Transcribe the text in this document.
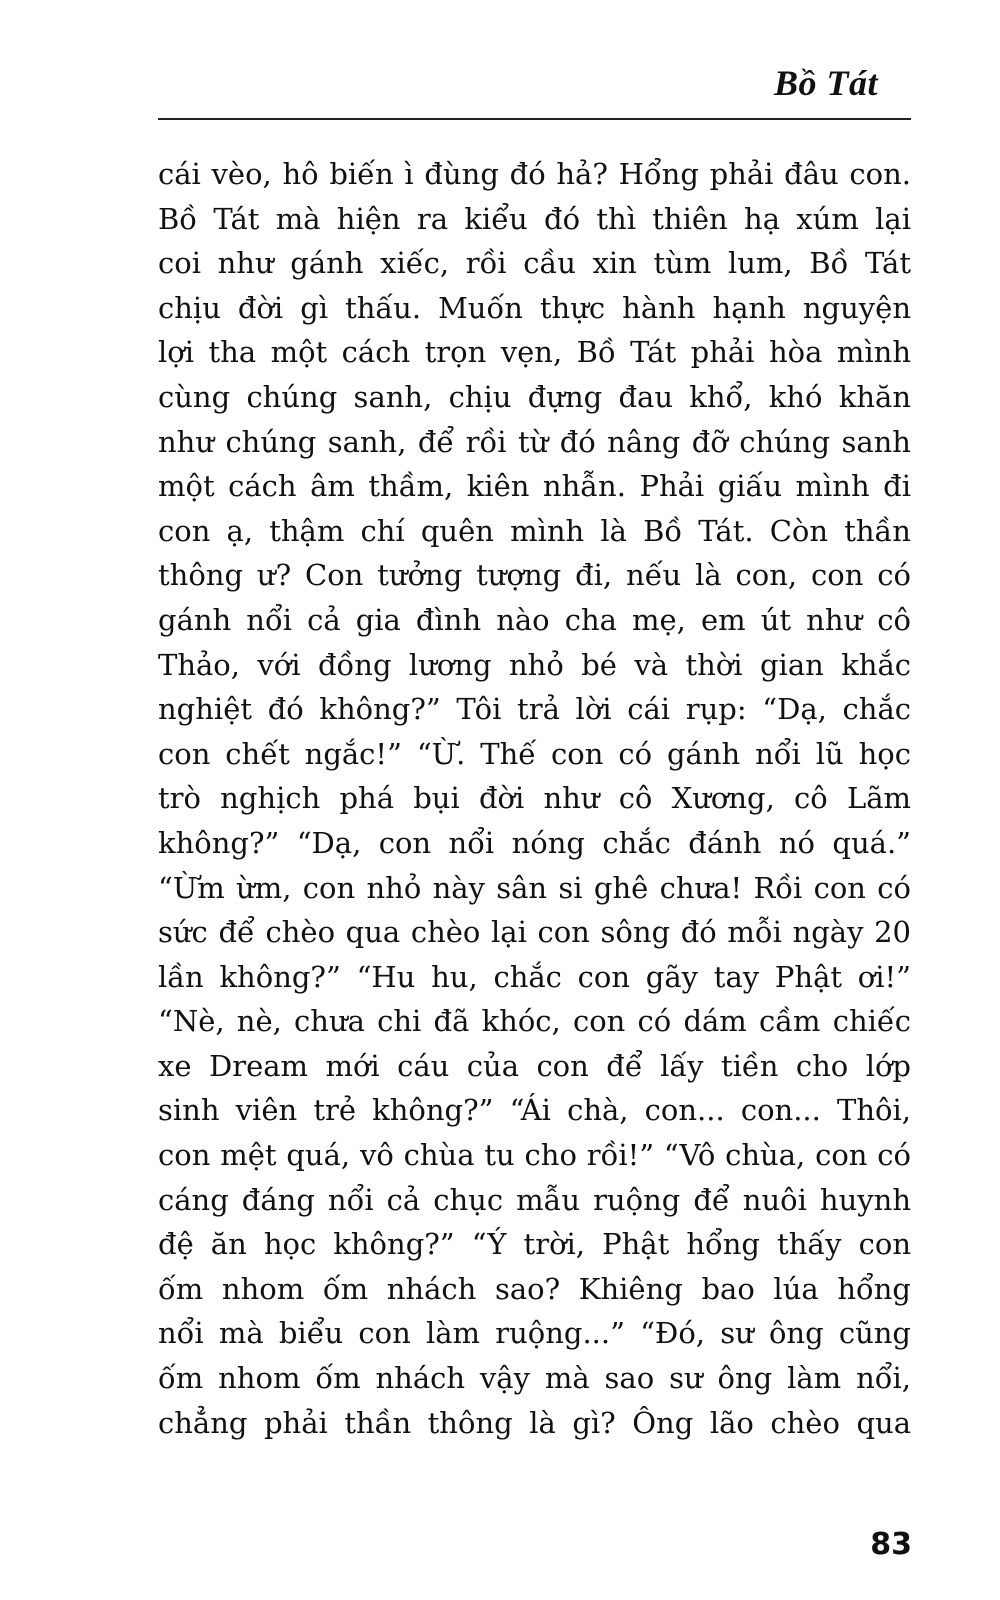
Bồ Tát
cái vèo, hô biến ì đùng đó hả? Hổng phải đâu con.
Bồ Tát mà hiện ra kiểu đó thì thiên hạ xúm lại
coi như gánh xiếc, rồi cầu xin tùm lum, Bồ Tát
chịu đời gì thấu. Muốn thực hành hạnh nguyện
lợi tha một cách trọn vẹn, Bồ Tát phải hòa mình
cùng chúng sanh, chịu đựng đau khổ, khó khăn
như chúng sanh, để rồi từ đó nâng đỡ chúng sanh
một cách âm thầm, kiên nhẫn. Phải giấu mình đi
con ạ, thậm chí quên mình là Bồ Tát. Còn thần
thông ư? Con tưởng tượng đi, nếu là con, con có
gánh nổi cả gia đình nào cha mẹ, em út như cô
Thảo, với đồng lương nhỏ bé và thời gian khắc
nghiệt đó không?” Tôi trả lời cái rụp: “Dạ, chắc
con chết ngắc!” “Ừ. Thế con có gánh nổi lũ học
trò nghịch phá bụi đời như cô Xương, cô Lãm
không?” “Dạ, con nổi nóng chắc đánh nó quá.”
“Ừm ừm, con nhỏ này sân si ghê chưa! Rồi con có
sức để chèo qua chèo lại con sông đó mỗi ngày 20
lần không?” “Hu hu, chắc con gãy tay Phật ơi!”
“Nè, nè, chưa chi đã khóc, con có dám cầm chiếc
xe Dream mới cáu của con để lấy tiền cho lớp
sinh viên trẻ không?” “Ái chà, con... con... Thôi,
con mệt quá, vô chùa tu cho rồi!” “Vô chùa, con có
cáng đáng nổi cả chục mẫu ruộng để nuôi huynh
đệ ăn học không?” “Ý trời, Phật hổng thấy con
ốm nhom ốm nhách sao? Khiêng bao lúa hổng
nổi mà biểu con làm ruộng...” “Đó, sư ông cũng
ốm nhom ốm nhách vậy mà sao sư ông làm nổi,
chẳng phải thần thông là gì? Ông lão chèo qua
83
